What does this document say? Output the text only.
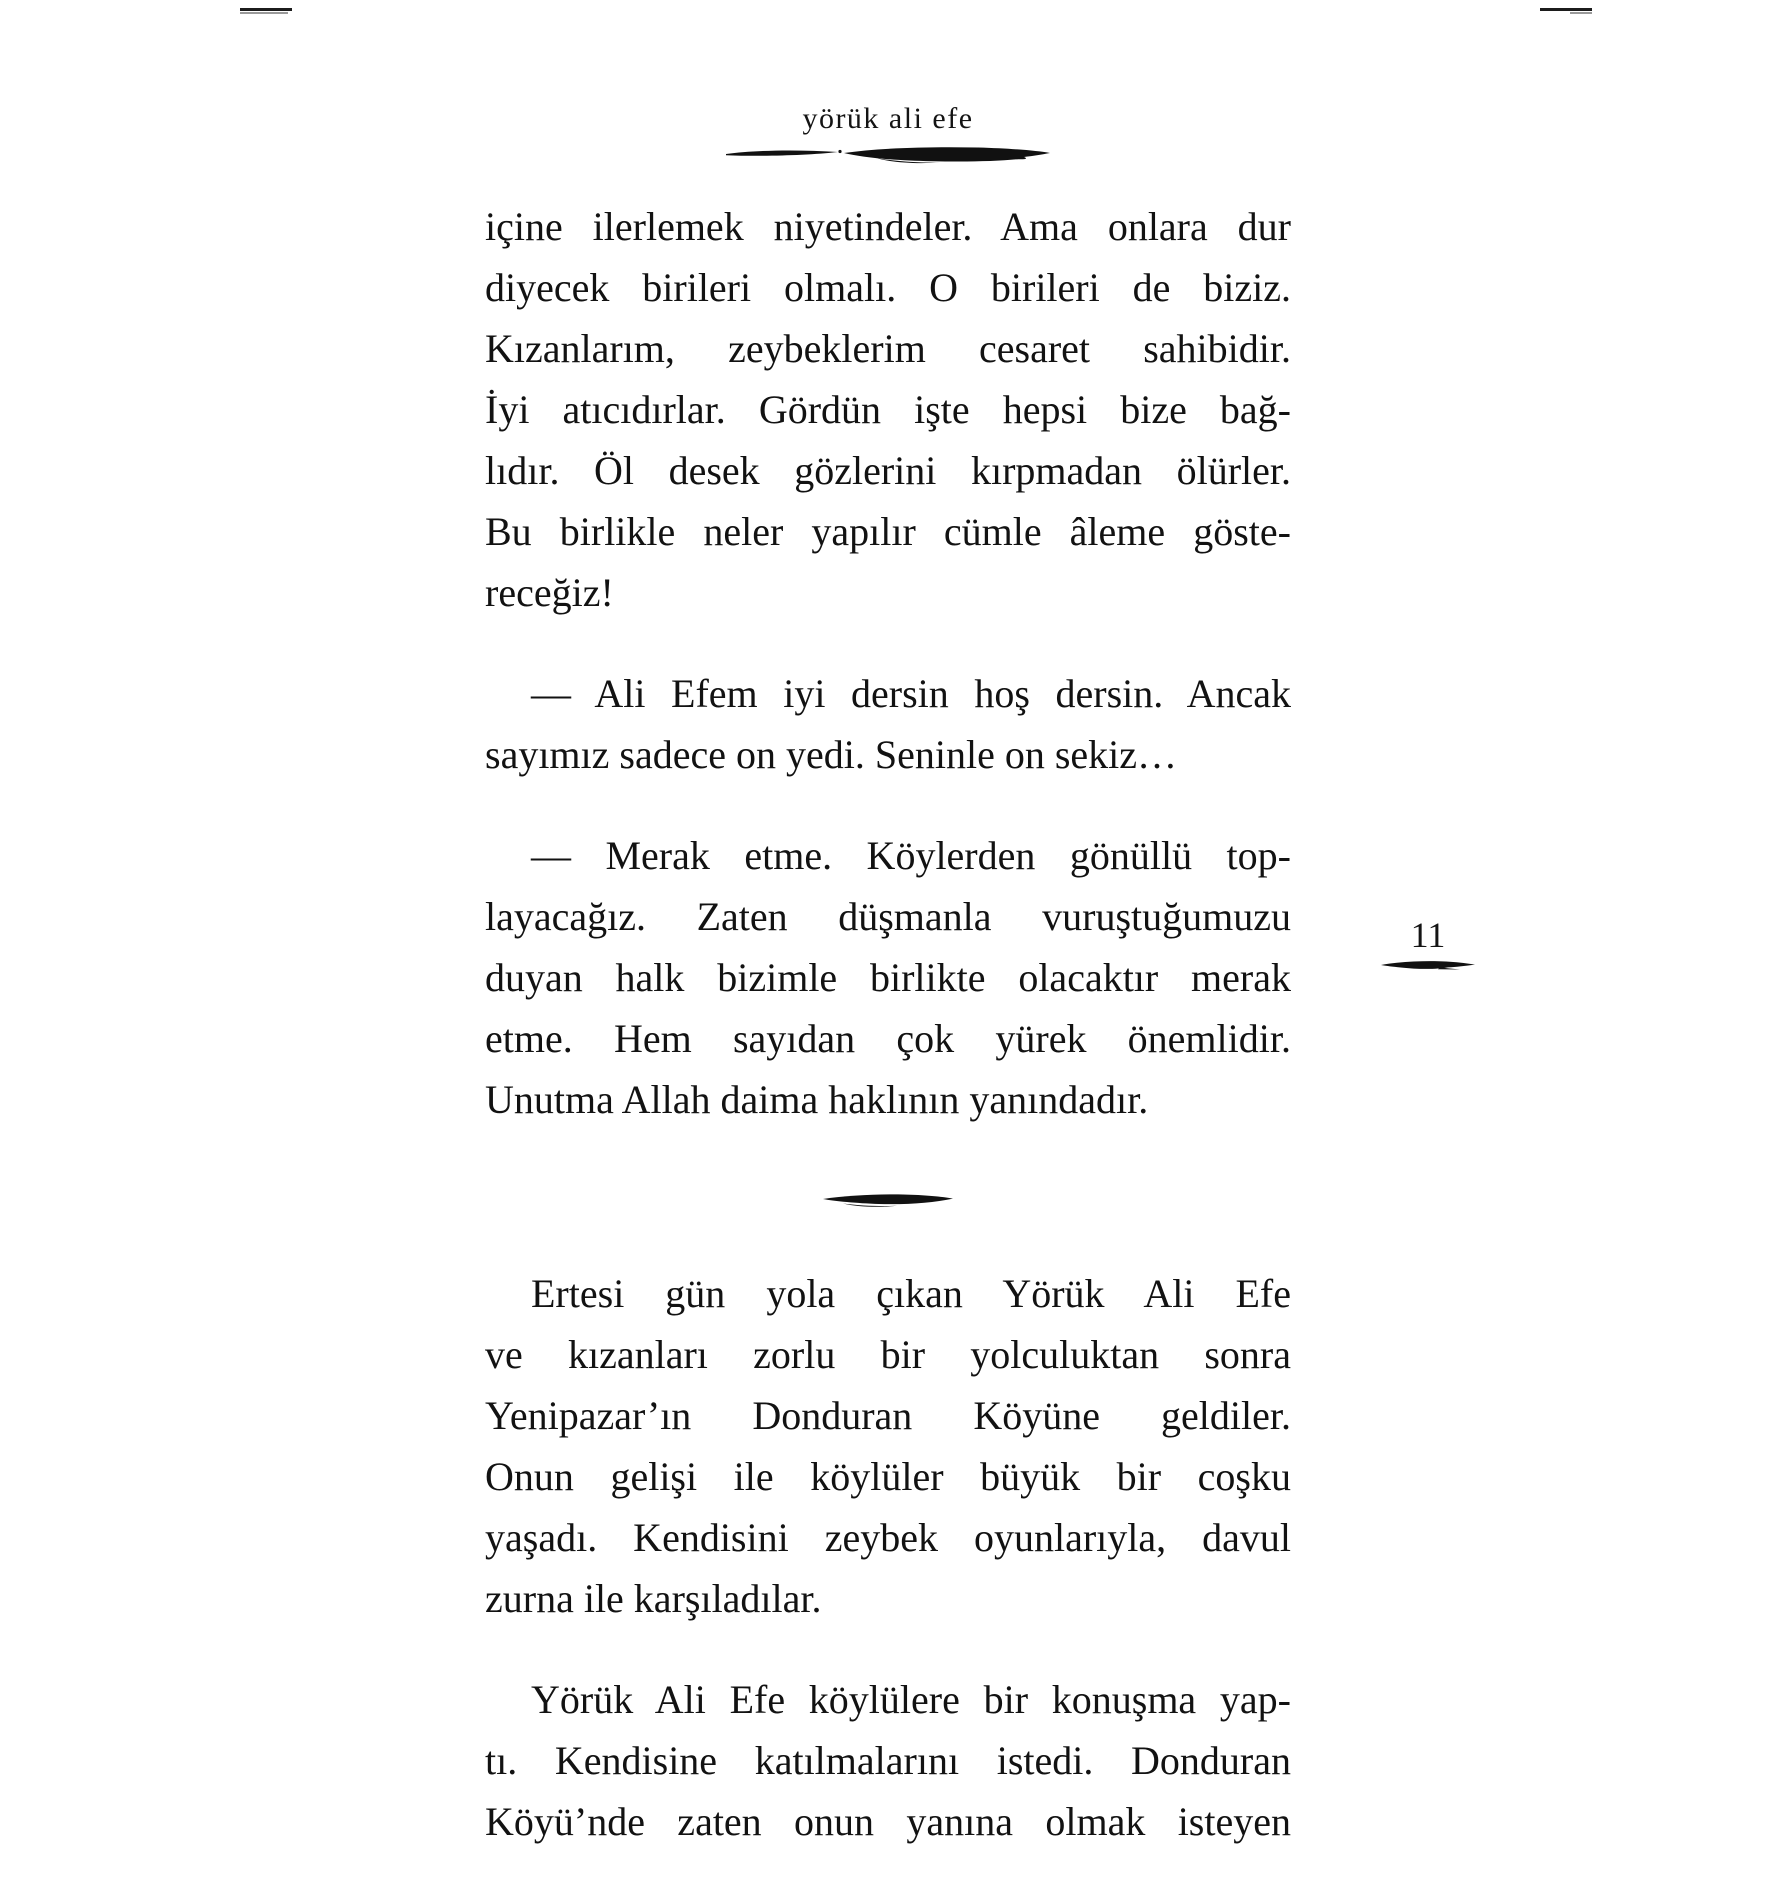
yörük ali efe
11

içine ilerlemek niyetindeler. Ama onlara dur
diyecek birileri olmalı. O birileri de biziz.
Kızanlarım, zeybeklerim cesaret sahibidir.
İyi atıcıdırlar. Gördün işte hepsi bize bağ-
lıdır. Öl desek gözlerini kırpmadan ölürler.
Bu birlikle neler yapılır cümle âleme göste-
receğiz!

— Ali Efem iyi dersin hoş dersin. Ancak
sayımız sadece on yedi. Seninle on sekiz…

— Merak etme. Köylerden gönüllü top-
layacağız. Zaten düşmanla vuruştuğumuzu
duyan halk bizimle birlikte olacaktır merak
etme. Hem sayıdan çok yürek önemlidir.
Unutma Allah daima haklının yanındadır.

Ertesi gün yola çıkan Yörük Ali Efe
ve kızanları zorlu bir yolculuktan sonra
Yenipazar’ın Donduran Köyüne geldiler.
Onun gelişi ile köylüler büyük bir coşku
yaşadı. Kendisini zeybek oyunlarıyla, davul
zurna ile karşıladılar.

Yörük Ali Efe köylülere bir konuşma yap-
tı. Kendisine katılmalarını istedi. Donduran
Köyü’nde zaten onun yanına olmak isteyen
